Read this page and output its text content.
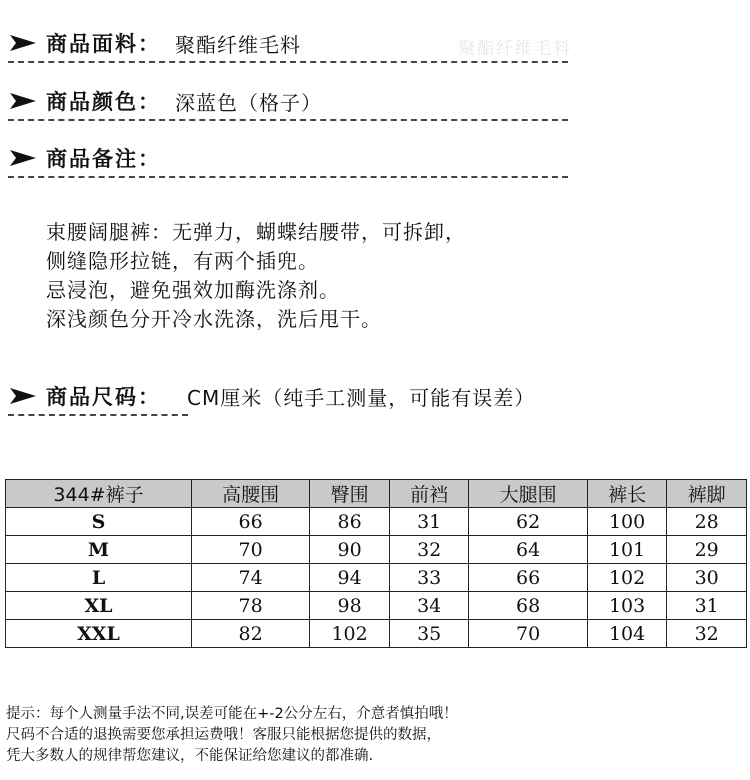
聚酯纤维毛料
商品面料： 聚酯纤维毛料
商品颜色： 深蓝色（格子）
商品备注：
束腰阔腿裤：无弹力，蝴蝶结腰带，可拆卸，
侧缝隐形拉链，有两个插兜。
忌浸泡，避免强效加酶洗涤剂。
深浅颜色分开冷水洗涤，洗后甩干。
商品尺码： CM厘米（纯手工测量，可能有误差）
344#裤子	高腰围	臀围	前裆	大腿围	裤长	裤脚
S	66	86	31	62	100	28
M	70	90	32	64	101	29
L	74	94	33	66	102	30
XL	78	98	34	68	103	31
XXL	82	102	35	70	104	32
提示：每个人测量手法不同,误差可能在+-2公分左右，介意者慎拍哦！
尺码不合适的退换需要您承担运费哦！客服只能根据您提供的数据，
凭大多数人的规律帮您建议，不能保证给您建议的都准确.
